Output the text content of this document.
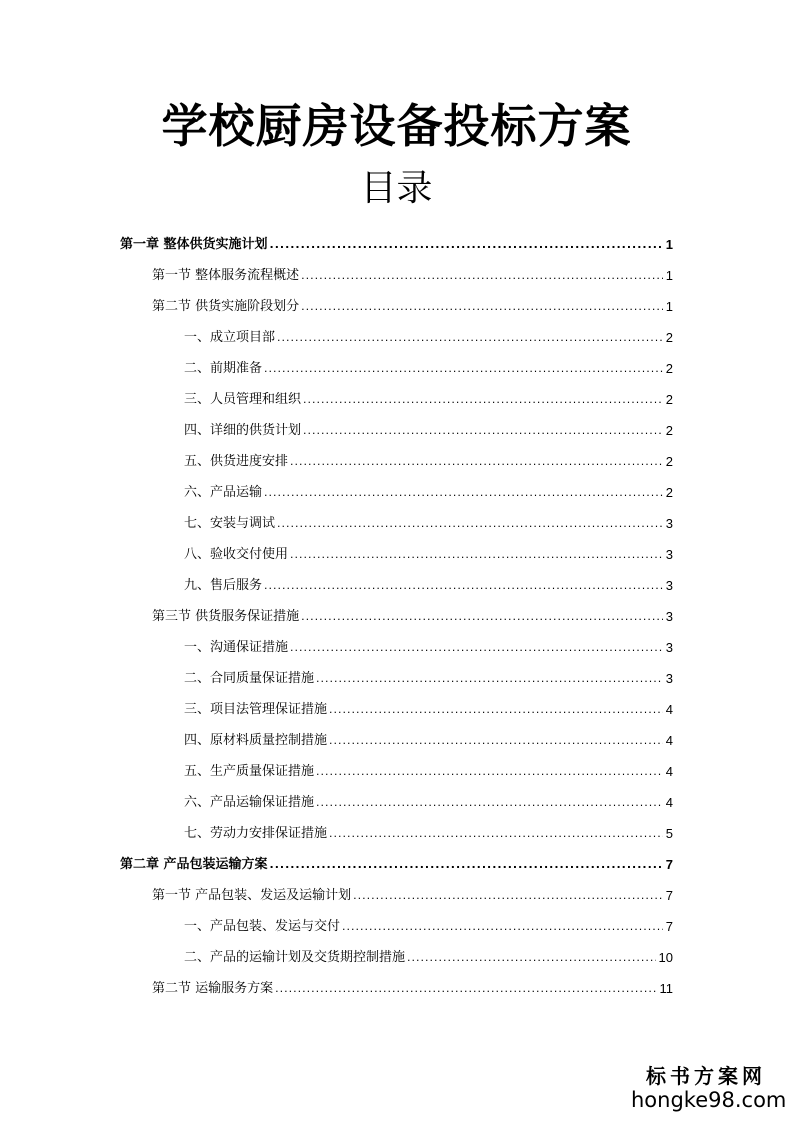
学校厨房设备投标方案
目录
第一章 整体供货实施计划 .....	1
第一节 整体服务流程概述 .....	1
第二节 供货实施阶段划分 .....	1
一、成立项目部 .....	2
二、前期准备 .....	2
三、人员管理和组织 .....	2
四、详细的供货计划 .....	2
五、供货进度安排 .....	2
六、产品运输 .....	2
七、安装与调试 .....	3
八、验收交付使用 .....	3
九、售后服务 .....	3
第三节 供货服务保证措施 .....	3
一、沟通保证措施 .....	3
二、合同质量保证措施 .....	3
三、项目法管理保证措施 .....	4
四、原材料质量控制措施 .....	4
五、生产质量保证措施 .....	4
六、产品运输保证措施 .....	4
七、劳动力安排保证措施 .....	5
第二章 产品包装运输方案 .....	7
第一节 产品包装、发运及运输计划 .....	7
一、产品包装、发运与交付 .....	7
二、产品的运输计划及交货期控制措施 .....	10
第二节 运输服务方案 .....	11
标书方案网
hongke98.com
